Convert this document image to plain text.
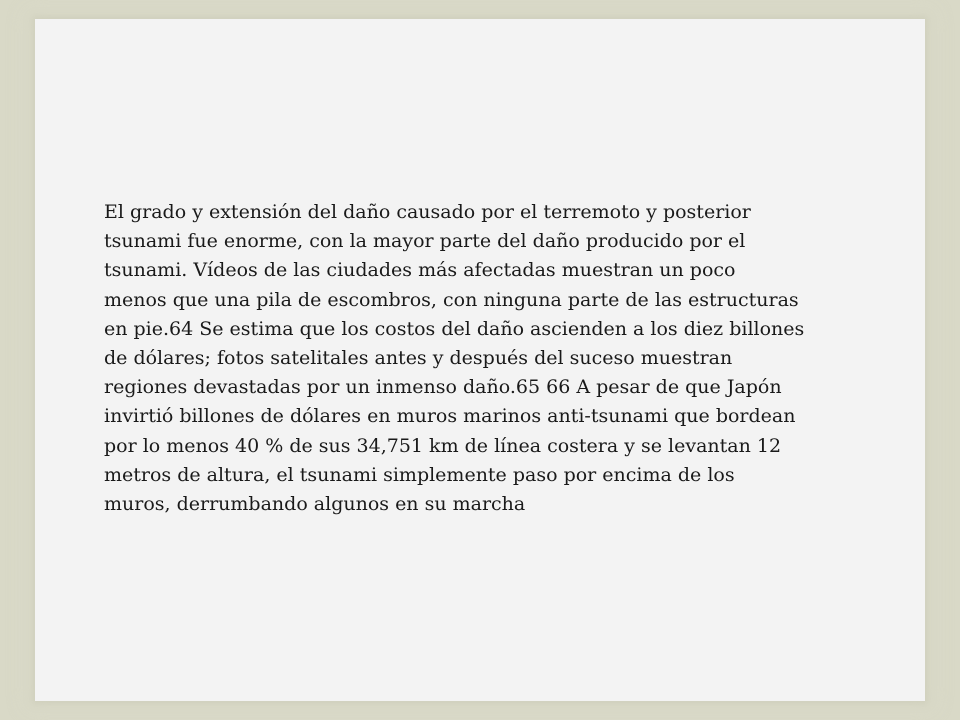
El grado y extensión del daño causado por el terremoto y posterior
tsunami fue enorme, con la mayor parte del daño producido por el
tsunami. Vídeos de las ciudades más afectadas muestran un poco
menos que una pila de escombros, con ninguna parte de las estructuras
en pie.64 Se estima que los costos del daño ascienden a los diez billones
de dólares; fotos satelitales antes y después del suceso muestran
regiones devastadas por un inmenso daño.65 66 A pesar de que Japón
invirtió billones de dólares en muros marinos anti-tsunami que bordean
por lo menos 40 % de sus 34,751 km de línea costera y se levantan 12
metros de altura, el tsunami simplemente paso por encima de los
muros, derrumbando algunos en su marcha
